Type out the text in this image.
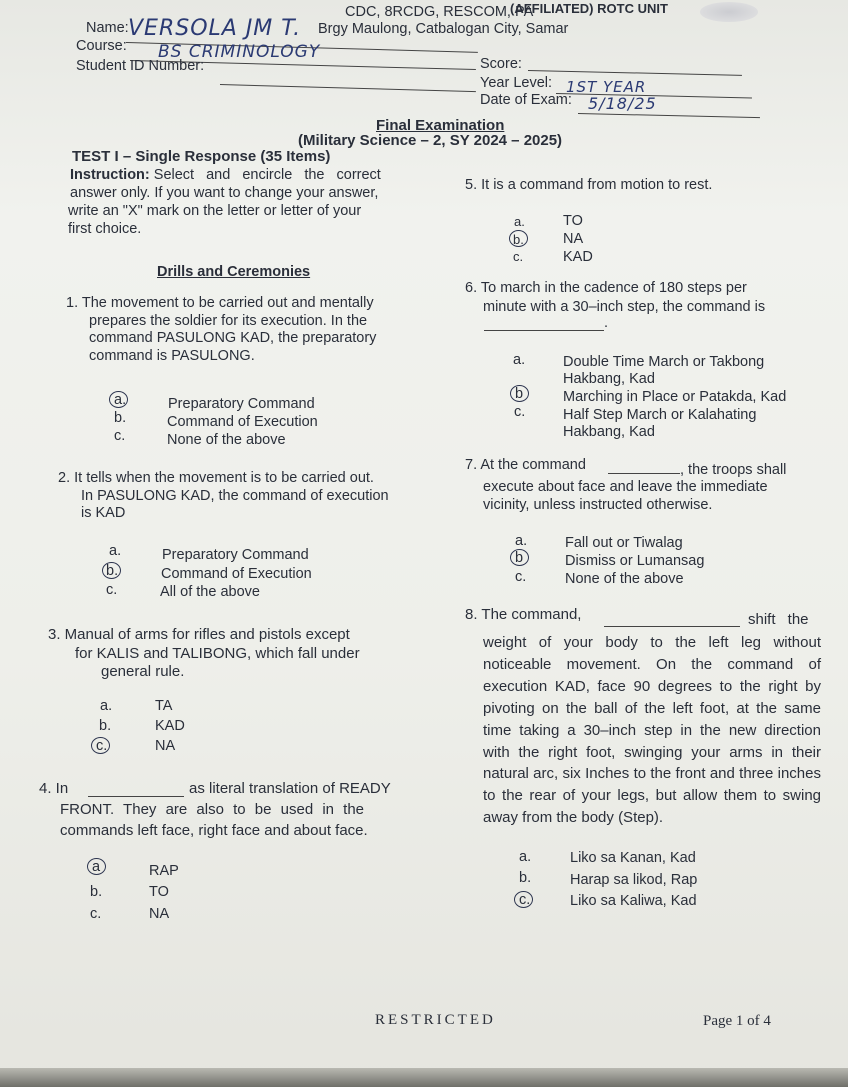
(AFFILIATED) ROTC UNIT
CDC, 8RCDG, RESCOM, PA
Brgy Maulong, Catbalogan City, Samar
Name: VERSOLA JM T.
Course: BS CRIMINOLOGY
Student ID Number:	Score:
Year Level: 1ST YEAR
Date of Exam: 5/18/25
Final Examination
(Military Science – 2, SY 2024 – 2025)
TEST I – Single Response (35 Items)
Instruction: Select and encircle the correct
answer only. If you want to change your answer,
write an "X" mark on the letter or letter of your
first choice.
Drills and Ceremonies
1. The movement to be carried out and mentally
prepares the soldier for its execution. In the
command PASULONG KAD, the preparatory
command is PASULONG.
a.	Preparatory Command
b.	Command of Execution
c.	None of the above
2. It tells when the movement is to be carried out.
In PASULONG KAD, the command of execution
is KAD
a.	Preparatory Command
b.	Command of Execution
c.	All of the above
3. Manual of arms for rifles and pistols except
for KALIS and TALIBONG, which fall under
general rule.
a.	TA
b.	KAD
c.	NA
4. In	as literal translation of READY
FRONT. They are also to be used in the
commands left face, right face and about face.
a	RAP
b.	TO
c.	NA
5. It is a command from motion to rest.
a.	TO
b.	NA
c.	KAD
6. To march in the cadence of 180 steps per
minute with a 30–inch step, the command is
.
a.	Double Time March or Takbong
Hakbang, Kad
b	Marching in Place or Patakda, Kad
c.	Half Step March or Kalahating
Hakbang, Kad
7. At the command	, the troops shall
execute about face and leave the immediate
vicinity, unless instructed otherwise.
a.	Fall out or Tiwalag
b	Dismiss or Lumansag
c.	None of the above
8. The command,	shift the
weight of your body to the left leg without noticeable movement. On the command of execution KAD, face 90 degrees to the right by pivoting on the ball of the left foot, at the same time taking a 30–inch step in the new direction with the right foot, swinging your arms in their natural arc, six Inches to the front and three inches to the rear of your legs, but allow them to swing away from the body (Step).
a.	Liko sa Kanan, Kad
b.	Harap sa likod, Rap
c.	Liko sa Kaliwa, Kad
RESTRICTED	Page 1 of 4
